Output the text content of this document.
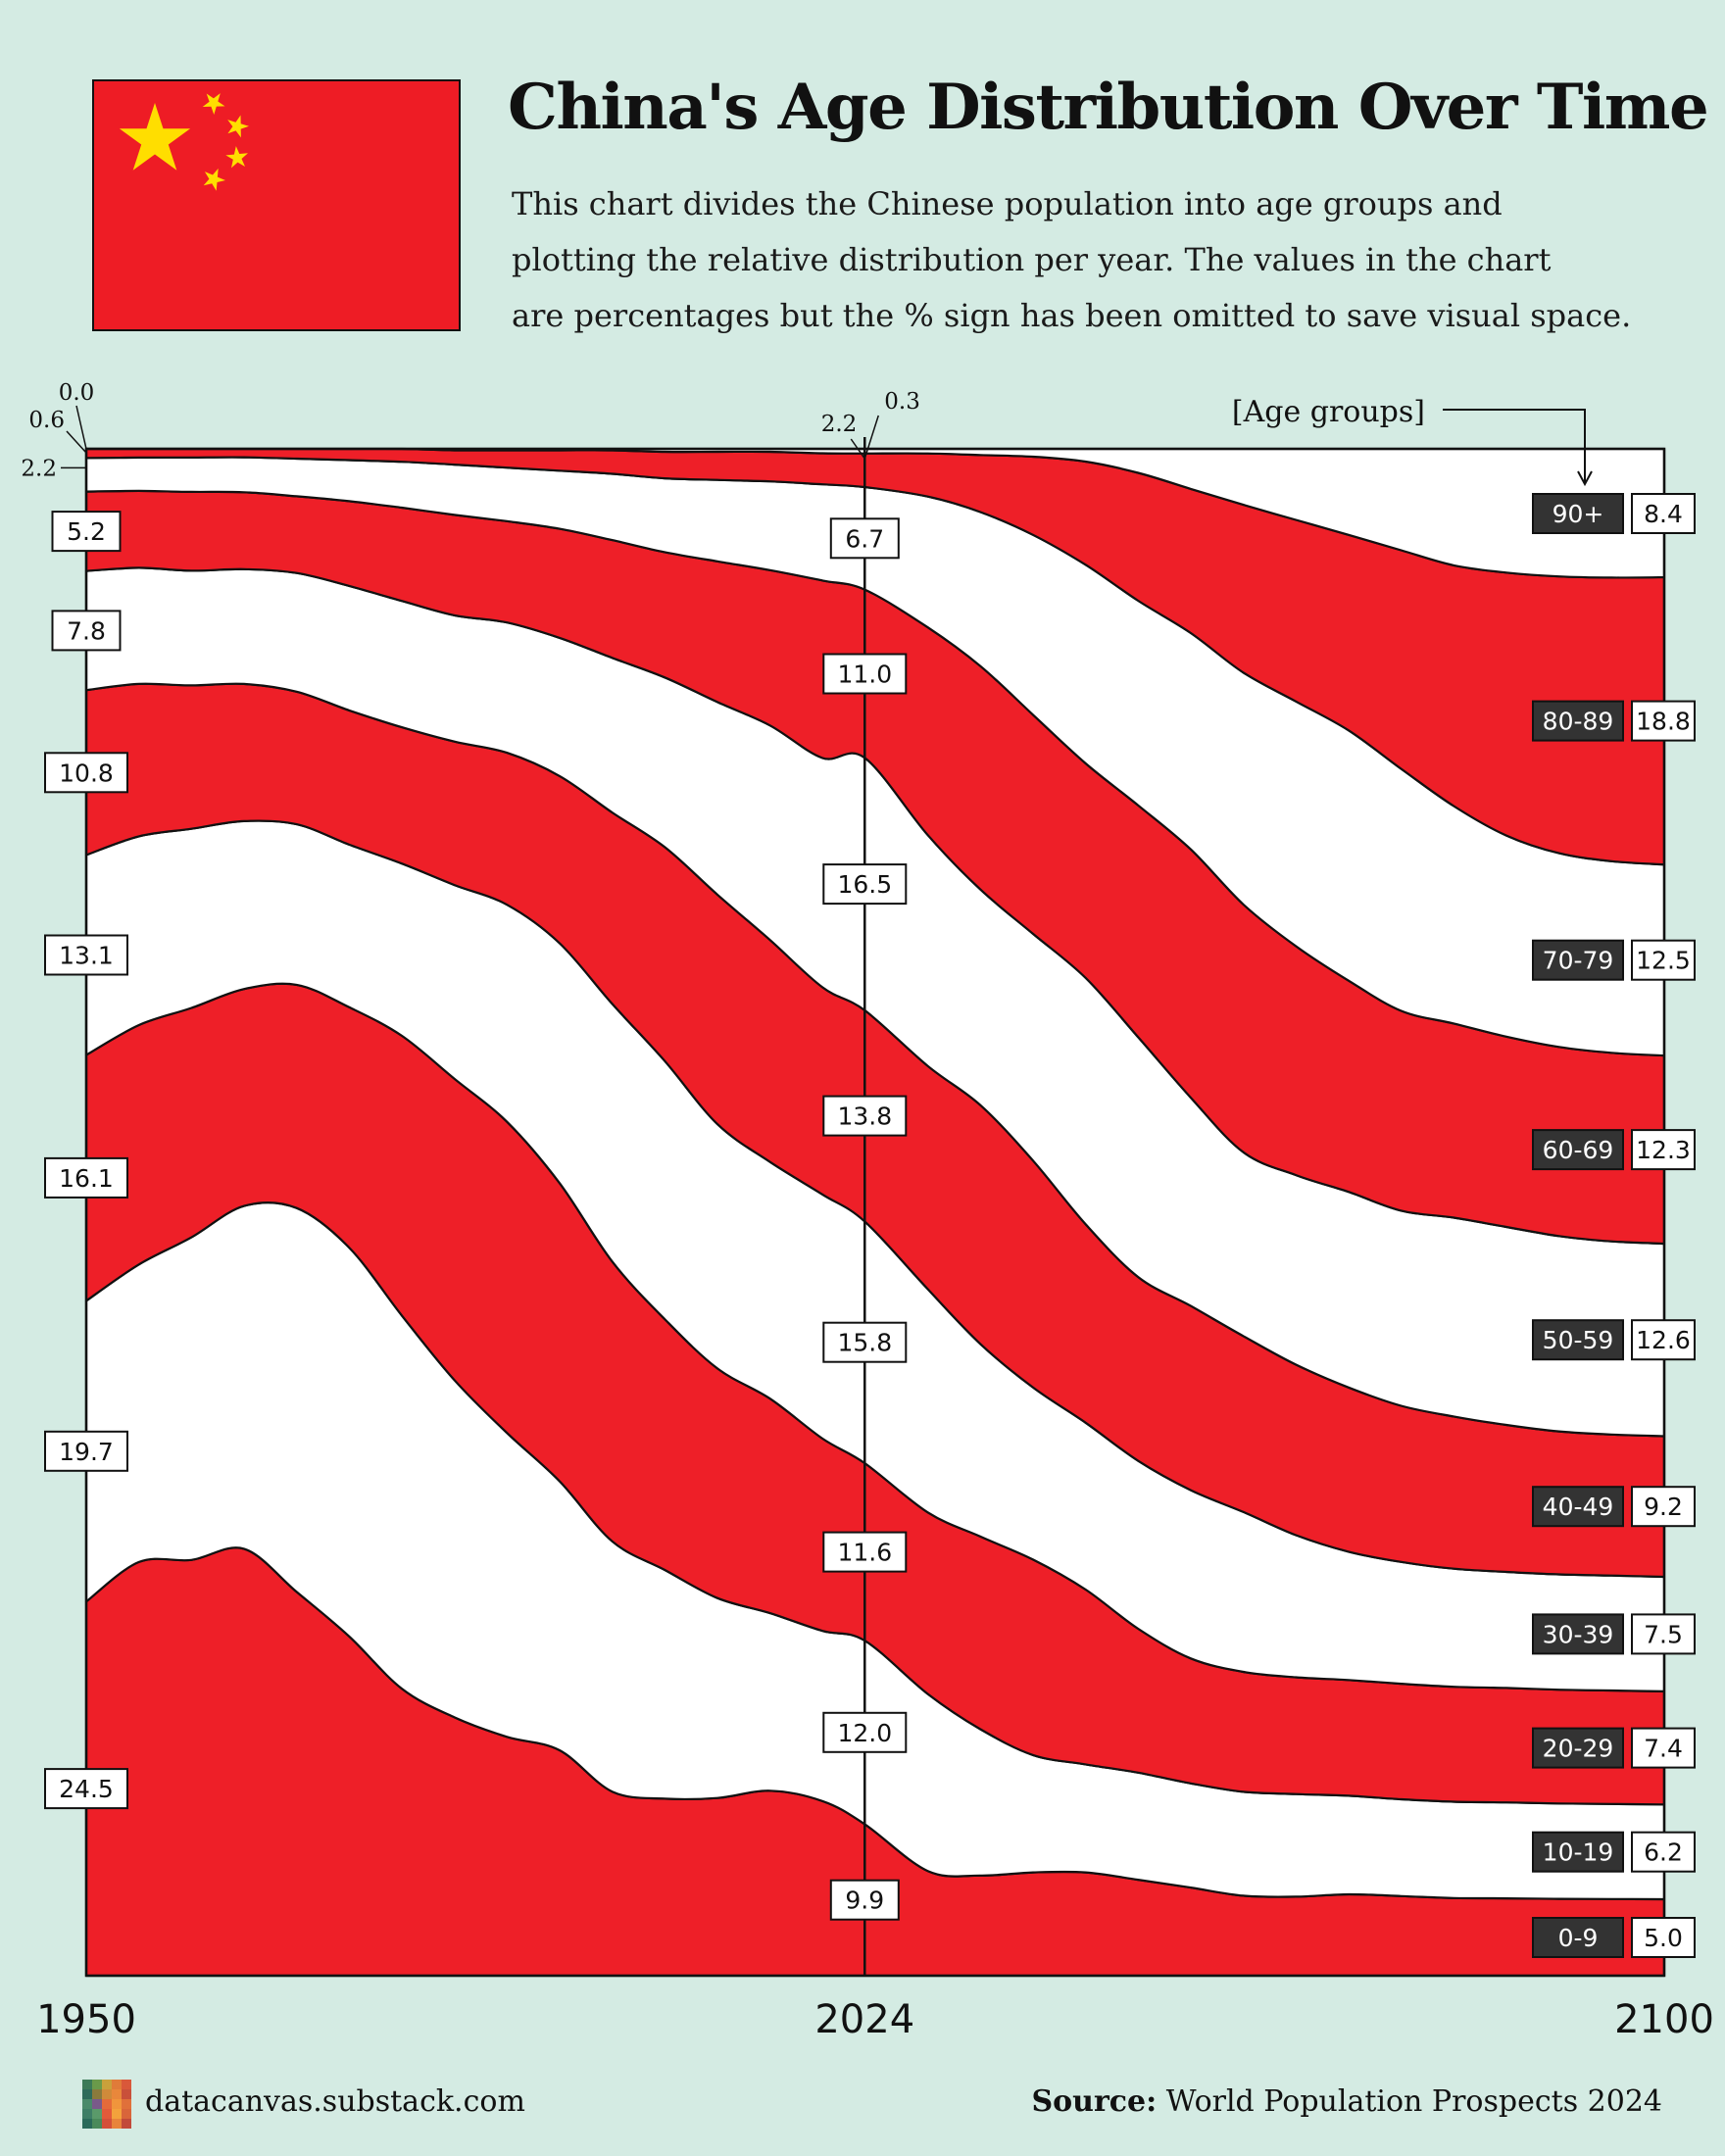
China's Age Distribution Over Time
This chart divides the Chinese population into age groups and
plotting the relative distribution per year. The values in the chart
are percentages but the % sign has been omitted to save visual space.
1950	2024	2100
24.5
19.7
16.1
13.1
10.8
7.8
5.2
2.2
0.6
0.0
9.9
12.0
11.6
15.8
13.8
16.5
11.0
6.7
2.2
0.3
0-9 5.0
10-19 6.2
20-29 7.4
30-39 7.5
40-49 9.2
50-59 12.6
60-69 12.3
70-79 12.5
80-89 18.8
90+ 8.4
[Age groups]
datacanvas.substack.com	Source: World Population Prospects 2024
